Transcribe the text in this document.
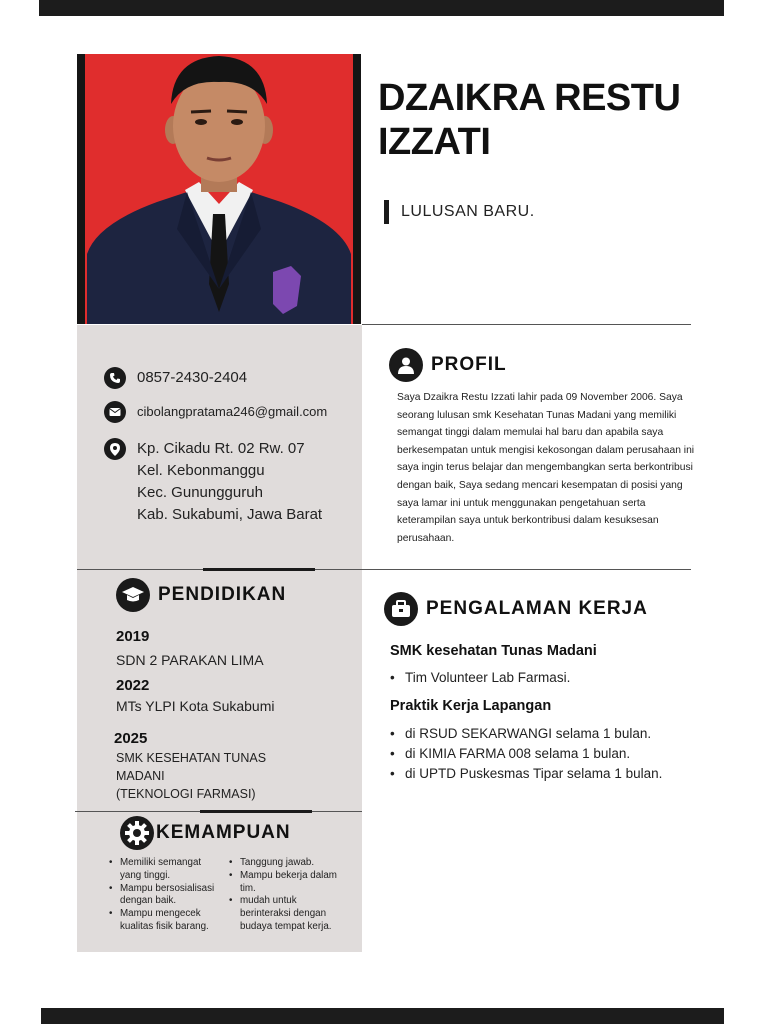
DZAIKRA RESTU
IZZATI
LULUSAN BARU.
0857-2430-2404
cibolangpratama246@gmail.com
Kp. Cikadu Rt. 02 Rw. 07
Kel. Kebonmanggu
Kec. Gunungguruh
Kab. Sukabumi, Jawa Barat
PROFIL

Saya Dzaikra Restu Izzati lahir pada 09 November 2006. Saya seorang lulusan smk Kesehatan Tunas Madani yang memiliki semangat tinggi dalam memulai hal baru dan apabila saya berkesempatan untuk mengisi kekosongan dalam perusahaan ini saya ingin terus belajar dan mengembangkan serta berkontribusi dengan baik, Saya sedang mencari kesempatan di posisi yang saya lamar ini untuk menggunakan pengetahuan serta keterampilan saya untuk berkontribusi dalam kesuksesan perusahaan.

PENDIDIKAN
2019
SDN 2 PARAKAN LIMA
2022
MTs YLPI Kota Sukabumi
2025
SMK KESEHATAN TUNAS MADANI
(TEKNOLOGI FARMASI)
PENGALAMAN KERJA
SMK kesehatan Tunas Madani
• Tim Volunteer Lab Farmasi.
Praktik Kerja Lapangan
• di RSUD SEKARWANGI selama 1 bulan.
• di KIMIA FARMA 008 selama 1 bulan.
• di UPTD Puskesmas Tipar selama 1 bulan.
KEMAMPUAN
• Memiliki semangat yang tinggi.
• Mampu bersosialisasi dengan baik.
• Mampu mengecek kualitas fisik barang.
• Tanggung jawab.
• Mampu bekerja dalam tim.
• mudah untuk berinteraksi dengan budaya tempat kerja.
